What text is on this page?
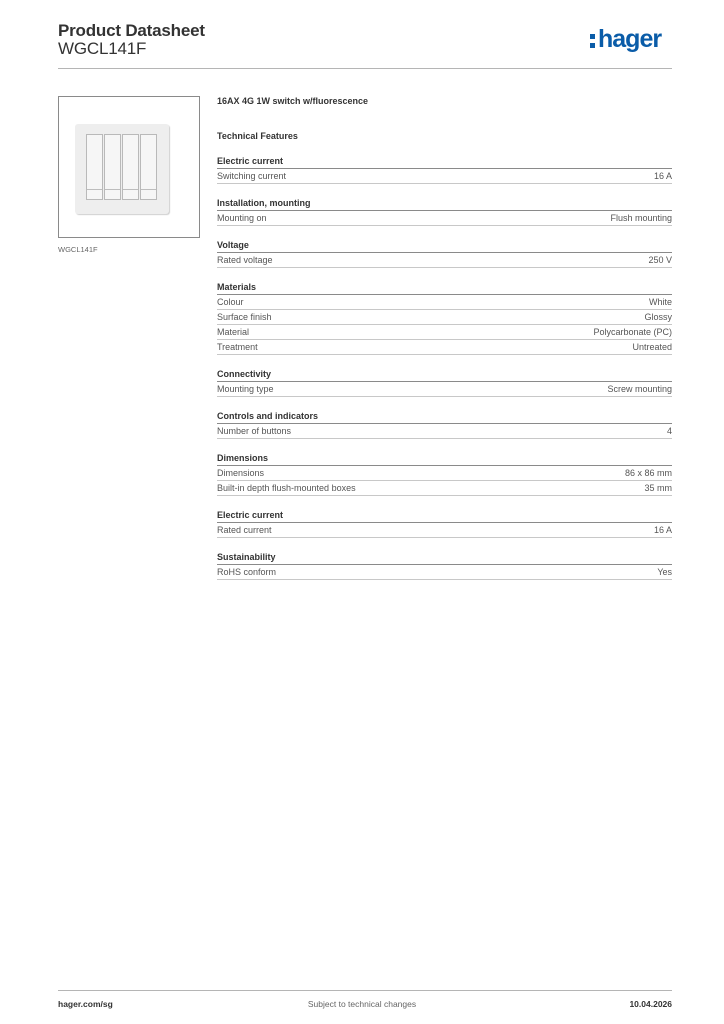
Product Datasheet
WGCL141F	hager
WGCL141F
16AX 4G 1W switch w/fluorescence
Technical Features
Electric current
Switching current	16 A
Installation, mounting
Mounting on	Flush mounting
Voltage
Rated voltage	250 V
Materials
Colour	White
Surface finish	Glossy
Material	Polycarbonate (PC)
Treatment	Untreated
Connectivity
Mounting type	Screw mounting
Controls and indicators
Number of buttons	4
Dimensions
Dimensions	86 x 86 mm
Built-in depth flush-mounted boxes	35 mm
Electric current
Rated current	16 A
Sustainability
RoHS conform	Yes
hager.com/sg	Subject to technical changes	10.04.2026
